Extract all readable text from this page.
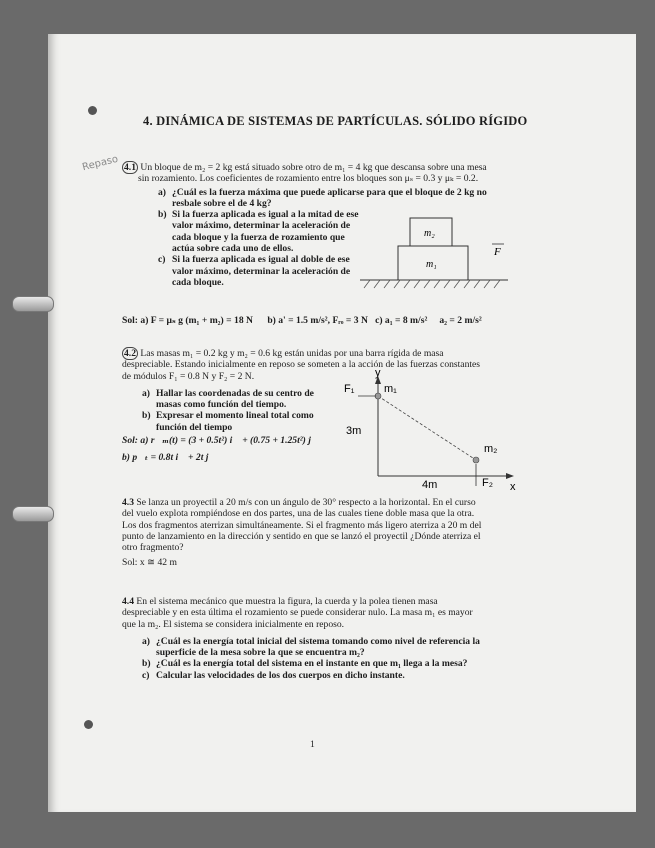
4. DINÁMICA DE SISTEMAS DE PARTÍCULAS. SÓLIDO RÍGIDO
Repaso 4.1 Un bloque de m₂ = 2 kg está situado sobre otro de m₁ = 4 kg que descansa sobre una mesa
sin rozamiento. Los coeficientes de rozamiento entre los bloques son μₛ = 0.3 y μₖ = 0.2.
a) ¿Cuál es la fuerza máxima que puede aplicarse para que el bloque de 2 kg no
resbale sobre el de 4 kg?
b) Si la fuerza aplicada es igual a la mitad de ese
valor máximo, determinar la aceleración de
cada bloque y la fuerza de rozamiento que
actúa sobre cada uno de ellos.
c) Si la fuerza aplicada es igual al doble de ese
valor máximo, determinar la aceleración de
cada bloque.
m₂
m₁
F
Sol: a) F = μₛ g (m₁ + m₂) = 18 N      b) a' = 1.5 m/s², Fᵣₒ = 3 N   c) a₁ = 8 m/s²     a₂ = 2 m/s²
4.2 Las masas m₁ = 0.2 kg y m₂ = 0.6 kg están unidas por una barra rígida de masa
despreciable. Estando inicialmente en reposo se someten a la acción de las fuerzas constantes
de módulos F₁ = 0.8 N y F₂ = 2 N.
a) Hallar las coordenadas de su centro de
masas como función del tiempo.
b) Expresar el momento lineal total como
función del tiempo
Sol: a) r⃗ₘ(t) = (3 + 0.5t²) i⃗ + (0.75 + 1.25t²) j⃗
b) p⃗ₜ = 0.8t i⃗ + 2t j⃗
y
x
F₁	m₁
3m
m₂
4m	F₂
4.3 Se lanza un proyectil a 20 m/s con un ángulo de 30° respecto a la horizontal. En el curso
del vuelo explota rompiéndose en dos partes, una de las cuales tiene doble masa que la otra.
Los dos fragmentos aterrizan simultáneamente. Si el fragmento más ligero aterriza a 20 m del
punto de lanzamiento en la dirección y sentido en que se lanzó el proyectil ¿Dónde aterriza el
otro fragmento?
Sol: x ≅ 42 m
4.4 En el sistema mecánico que muestra la figura, la cuerda y la polea tienen masa
despreciable y en esta última el rozamiento se puede considerar nulo. La masa m₁ es mayor
que la m₂. El sistema se considera inicialmente en reposo.
a) ¿Cuál es la energía total inicial del sistema tomando como nivel de referencia la
superficie de la mesa sobre la que se encuentra m₂?
b) ¿Cuál es la energía total del sistema en el instante en que m₁ llega a la mesa?
c) Calcular las velocidades de los dos cuerpos en dicho instante.
1
